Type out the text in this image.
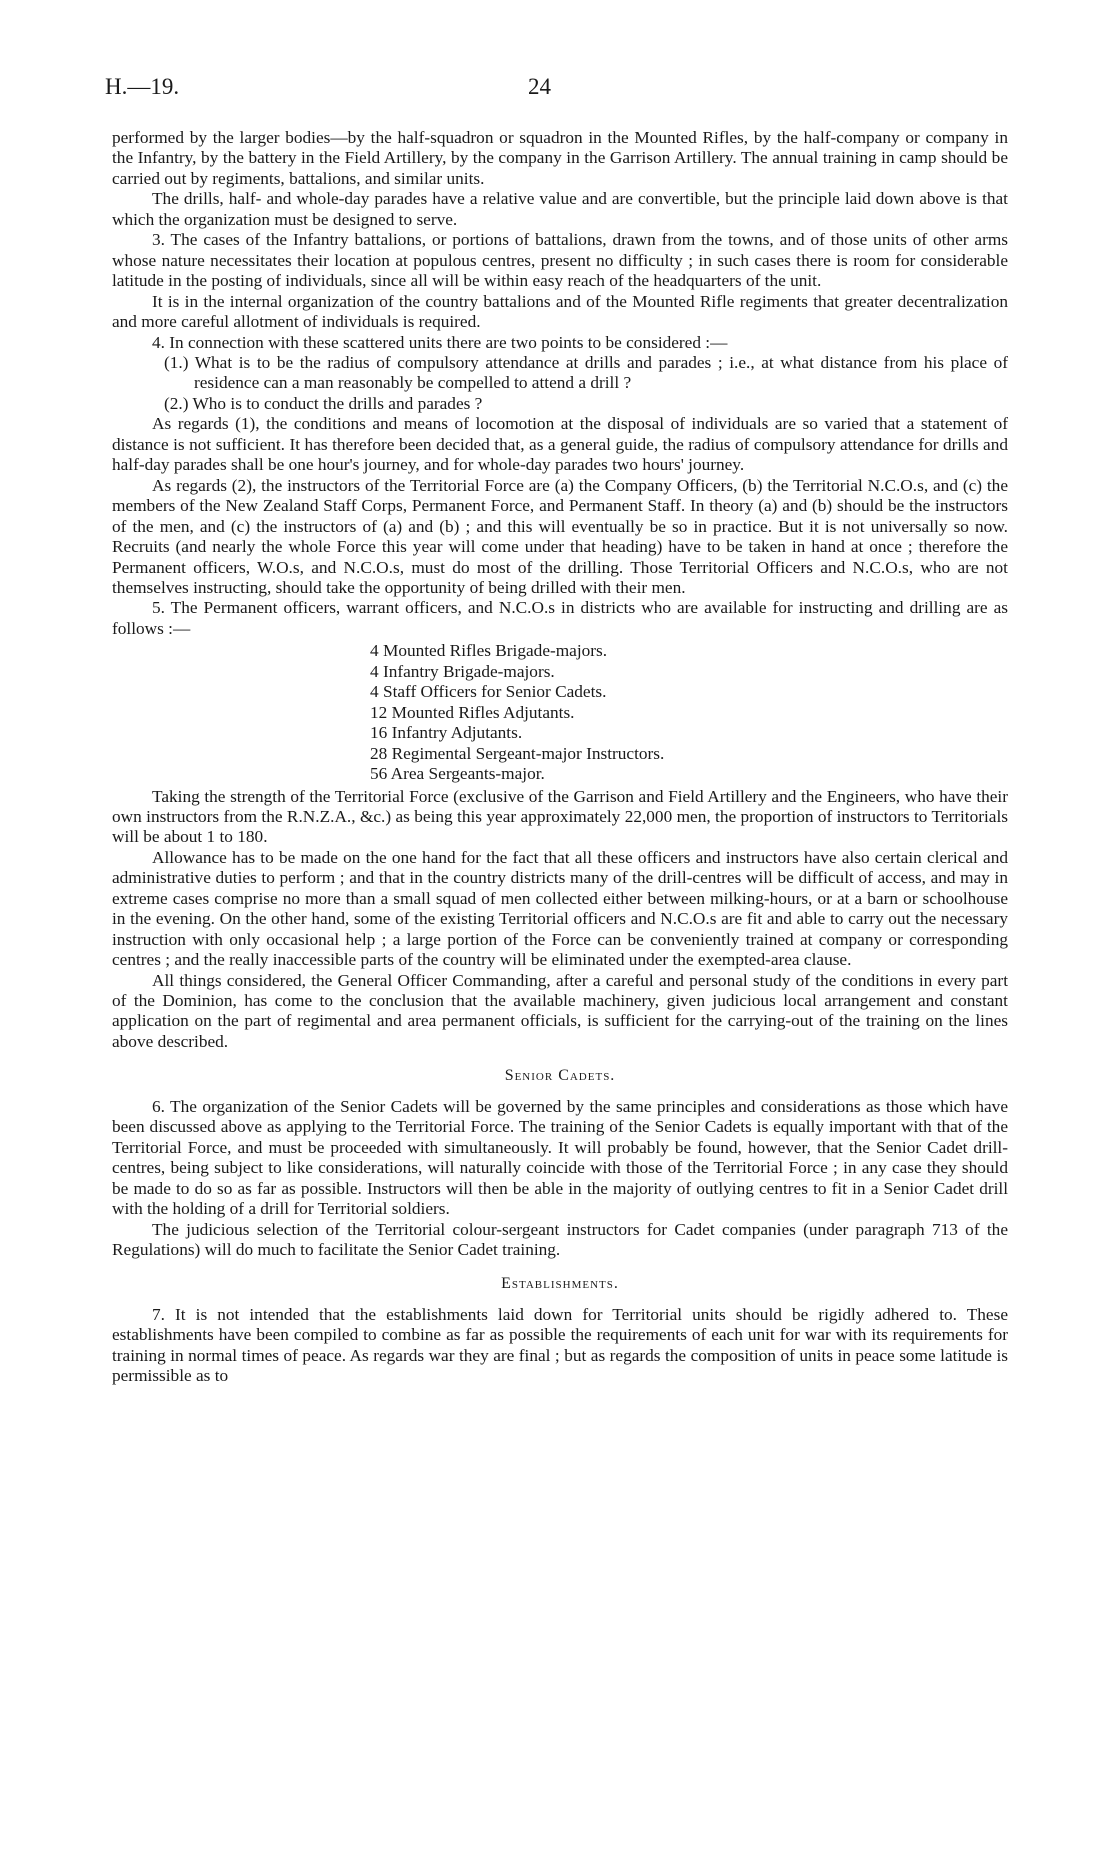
H.—19.	24

performed by the larger bodies—by the half-squadron or squadron in the Mounted Rifles, by the half-company or company in the Infantry, by the battery in the Field Artillery, by the company in the Garrison Artillery. The annual training in camp should be carried out by regiments, battalions, and similar units.

The drills, half- and whole-day parades have a relative value and are convertible, but the principle laid down above is that which the organization must be designed to serve.

3. The cases of the Infantry battalions, or portions of battalions, drawn from the towns, and of those units of other arms whose nature necessitates their location at populous centres, present no difficulty ; in such cases there is room for considerable latitude in the posting of individuals, since all will be within easy reach of the headquarters of the unit.

It is in the internal organization of the country battalions and of the Mounted Rifle regiments that greater decentralization and more careful allotment of individuals is required.

4. In connection with these scattered units there are two points to be considered :—

(1.) What is to be the radius of compulsory attendance at drills and parades ; i.e., at what distance from his place of residence can a man reasonably be compelled to attend a drill ?

(2.) Who is to conduct the drills and parades ?

As regards (1), the conditions and means of locomotion at the disposal of individuals are so varied that a statement of distance is not sufficient. It has therefore been decided that, as a general guide, the radius of compulsory attendance for drills and half-day parades shall be one hour's journey, and for whole-day parades two hours' journey.

As regards (2), the instructors of the Territorial Force are (a) the Company Officers, (b) the Territorial N.C.O.s, and (c) the members of the New Zealand Staff Corps, Permanent Force, and Permanent Staff. In theory (a) and (b) should be the instructors of the men, and (c) the instructors of (a) and (b) ; and this will eventually be so in practice. But it is not universally so now. Recruits (and nearly the whole Force this year will come under that heading) have to be taken in hand at once ; therefore the Permanent officers, W.O.s, and N.C.O.s, must do most of the drilling. Those Territorial Officers and N.C.O.s, who are not themselves instructing, should take the opportunity of being drilled with their men.

5. The Permanent officers, warrant officers, and N.C.O.s in districts who are available for instructing and drilling are as follows :—

4 Mounted Rifles Brigade-majors.
4 Infantry Brigade-majors.
4 Staff Officers for Senior Cadets.
12 Mounted Rifles Adjutants.
16 Infantry Adjutants.
28 Regimental Sergeant-major Instructors.
56 Area Sergeants-major.

Taking the strength of the Territorial Force (exclusive of the Garrison and Field Artillery and the Engineers, who have their own instructors from the R.N.Z.A., &c.) as being this year approximately 22,000 men, the proportion of instructors to Territorials will be about 1 to 180.

Allowance has to be made on the one hand for the fact that all these officers and instructors have also certain clerical and administrative duties to perform ; and that in the country districts many of the drill-centres will be difficult of access, and may in extreme cases comprise no more than a small squad of men collected either between milking-hours, or at a barn or schoolhouse in the evening. On the other hand, some of the existing Territorial officers and N.C.O.s are fit and able to carry out the necessary instruction with only occasional help ; a large portion of the Force can be conveniently trained at company or corresponding centres ; and the really inaccessible parts of the country will be eliminated under the exempted-area clause.

All things considered, the General Officer Commanding, after a careful and personal study of the conditions in every part of the Dominion, has come to the conclusion that the available machinery, given judicious local arrangement and constant application on the part of regimental and area permanent officials, is sufficient for the carrying-out of the training on the lines above described.

Senior Cadets.

6. The organization of the Senior Cadets will be governed by the same principles and considerations as those which have been discussed above as applying to the Territorial Force. The training of the Senior Cadets is equally important with that of the Territorial Force, and must be proceeded with simultaneously. It will probably be found, however, that the Senior Cadet drill-centres, being subject to like considerations, will naturally coincide with those of the Territorial Force ; in any case they should be made to do so as far as possible. Instructors will then be able in the majority of outlying centres to fit in a Senior Cadet drill with the holding of a drill for Territorial soldiers.

The judicious selection of the Territorial colour-sergeant instructors for Cadet companies (under paragraph 713 of the Regulations) will do much to facilitate the Senior Cadet training.

Establishments.

7. It is not intended that the establishments laid down for Territorial units should be rigidly adhered to. These establishments have been compiled to combine as far as possible the requirements of each unit for war with its requirements for training in normal times of peace. As regards war they are final ; but as regards the composition of units in peace some latitude is permissible as to
